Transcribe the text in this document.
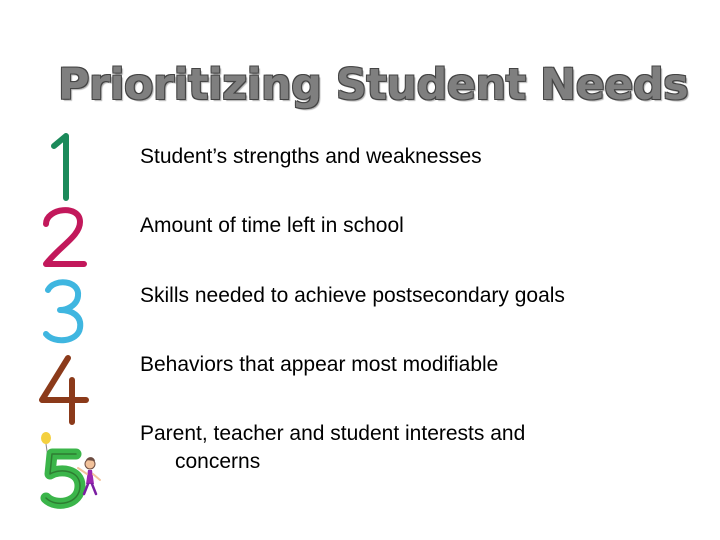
Prioritizing Student Needs
Student’s strengths and weaknesses
Amount of time left in school
Skills needed to achieve postsecondary goals
Behaviors that appear most modifiable
Parent, teacher and student interests and
concerns
